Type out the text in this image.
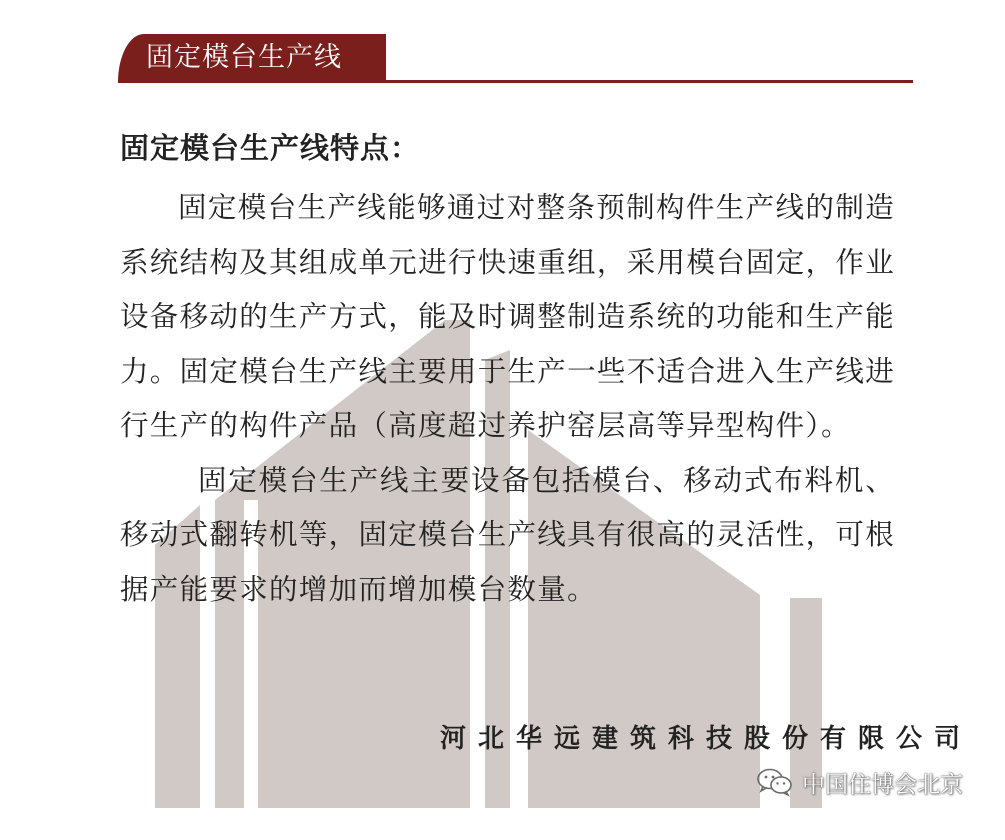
固定模台生产线
固定模台生产线特点：

固定模台生产线能够通过对整条预制构件生产线的制造系统结构及其组成单元进行快速重组，采用模台固定，作业设备移动的生产方式，能及时调整制造系统的功能和生产能力。固定模台生产线主要用于生产一些不适合进入生产线进行生产的构件产品（高度超过养护窑层高等异型构件）。

固定模台生产线主要设备包括模台、移动式布料机、移动式翻转机等，固定模台生产线具有很高的灵活性，可根据产能要求的增加而增加模台数量。

河北华远建筑科技股份有限公司
中国住博会北京
